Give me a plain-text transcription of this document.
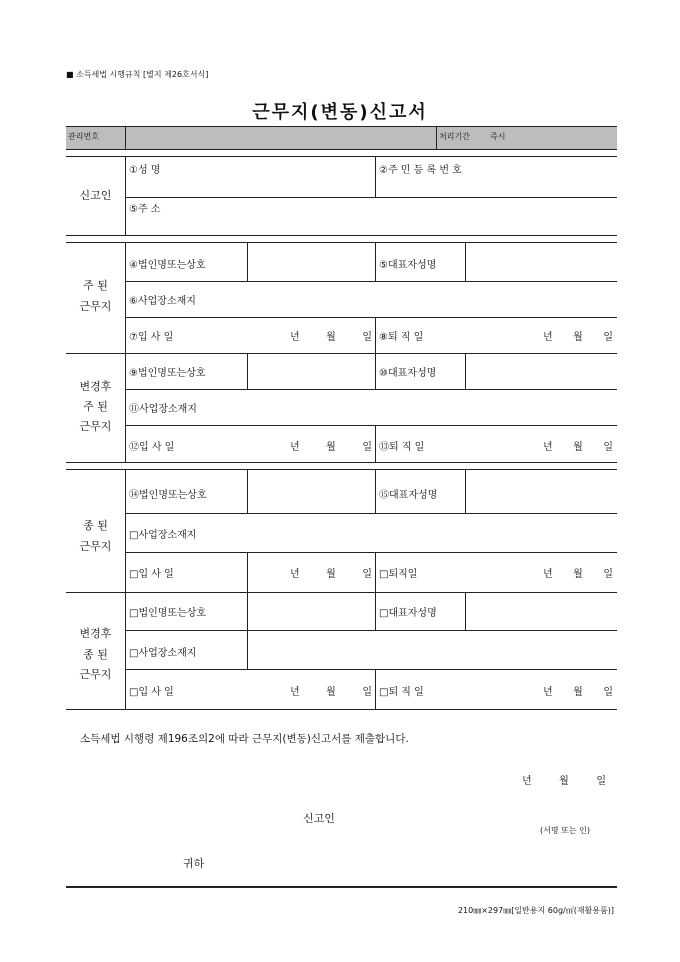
■ 소득세법 시행규칙 [별지 제26호서식]
근무지(변동)신고서
관리번호	처리기간	즉시
신고인
①성 명	②주 민 등 록 번 호
⑤주 소
주 된
근무지
④법인명또는상호	⑤대표자성명
⑥사업장소재지
⑦입 사 일	년	월	일 ⑧퇴 직 일	년 월 일
변경후
주 된
근무지
⑨법인명또는상호	⑩대표자성명
⑪사업장소재지
⑫입 사 일	년	월	일 ⑬퇴 직 일	년 월 일
종 된
근무지
⑭법인명또는상호	⑮대표자성명
□사업장소재지
□입 사 일	년	월	일 □퇴직일	년 월 일
변경후
종 된
근무지
□법인명또는상호	□대표자성명
□사업장소재지
□입 사 일	년	월	일 □퇴 직 일	년 월 일
소득세법 시행령 제196조의2에 따라 근무지(변동)신고서를 제출합니다.
년	월	일
신고인
(서명 또는 인)
귀하
210㎜×297㎜[일반용지 60g/㎡(재활용품)]
